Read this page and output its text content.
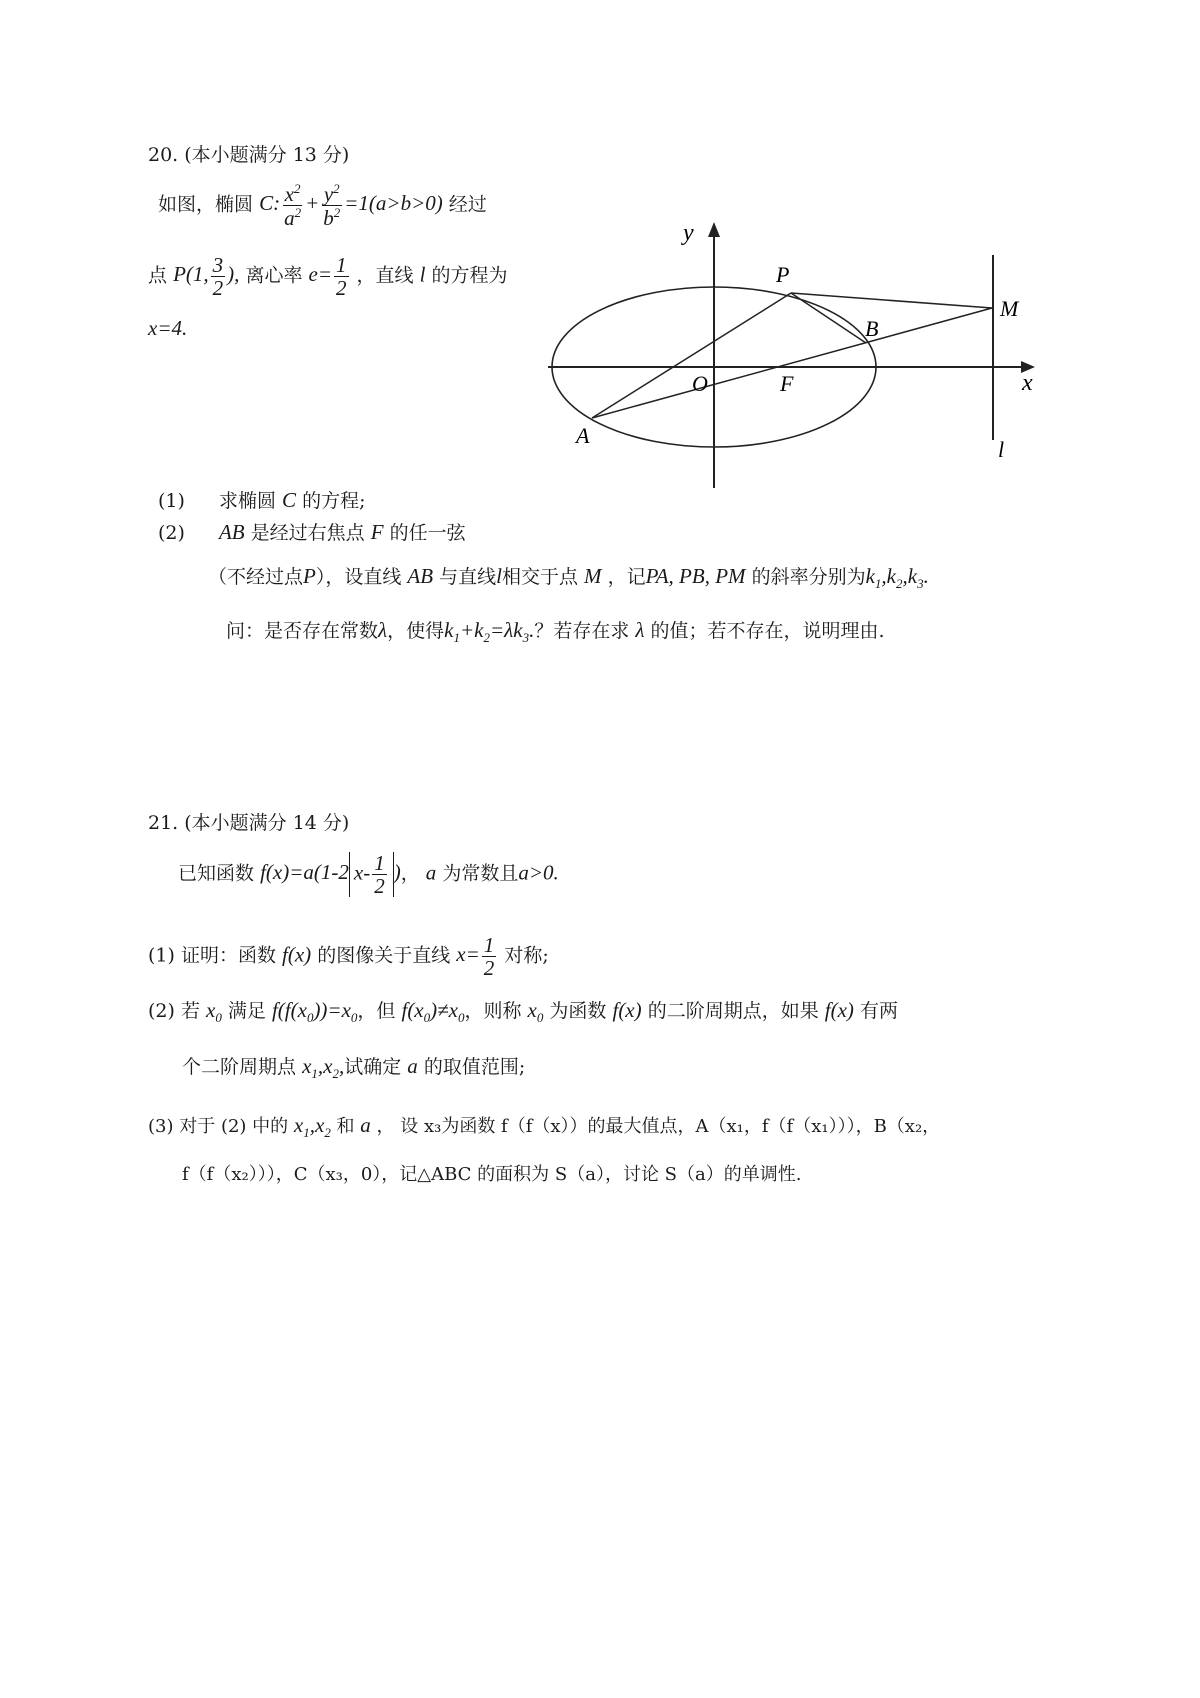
20. (本小题满分 13 分)
如图，椭圆 C: $\frac{x^2}{a^2} + \frac{y^2}{b^2} =1(a>b>0)$ 经过
点 P(1, $\frac{3}{2}$ ), 离心率 $e= \frac{1}{2}$ ，直线 l 的方程为
x=4.
y
P
M
B
O	F	x
A
l
(1) 求椭圆 C 的方程;
(2) AB 是经过右焦点 F 的任一弦
（不经过点P），设直线 AB 与直线l相交于点 M ，记PA, PB, PM 的斜率分别为$k_1,k_2,k_3$.
问：是否存在常数λ，使得$k_1+k_2=\lambda k_3$.？若存在求 λ 的值；若不存在，说明理由.
21. (本小题满分 14 分)
已知函数 f(x)=a(1-2 $x- \frac{1}{2}$ )， a 为常数且a>0.
(1) 证明：函数 f(x) 的图像关于直线 $x= \frac{1}{2}$ 对称;
(2) 若 $x_0$ 满足 $f(f(x_0))=x_0$，但 $f(x_0)\ne x_0$，则称 $x_0$ 为函数 f(x) 的二阶周期点，如果 f(x) 有两
个二阶周期点 $x_1,x_2$,试确定 a 的取值范围;
(3) 对于 (2) 中的 $x_1,x_2$ 和 a ， 设 x₃为函数 f（f（x））的最大值点，A（x₁，f（f（x₁））），B（x₂，
f（f（x₂））），C（x₃，0），记△ABC 的面积为 S（a），讨论 S（a）的单调性.
